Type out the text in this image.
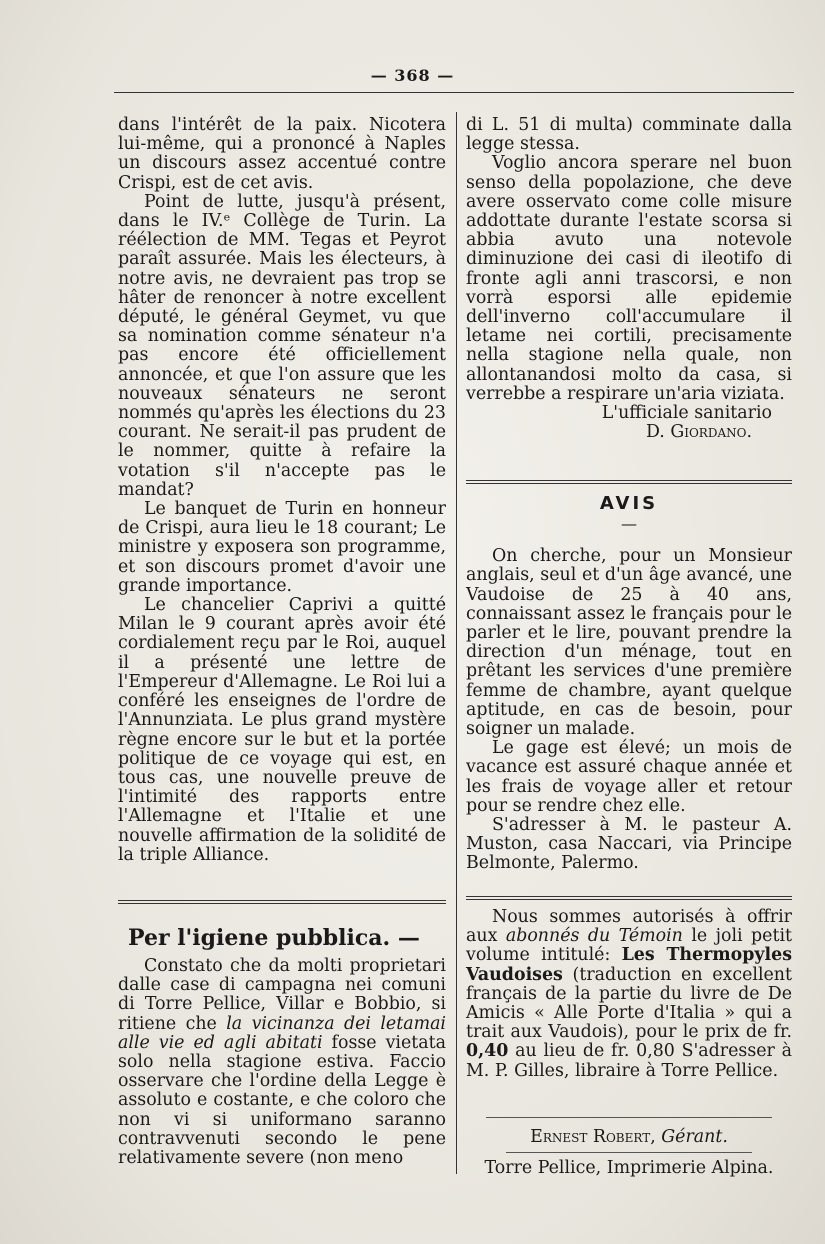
— 368 —

dans l'intérêt de la paix. Nicotera lui-même, qui a prononcé à Naples un discours assez accentué contre Crispi, est de cet avis.

Point de lutte, jusqu'à présent, dans le IV.ᵉ Collège de Turin. La réélection de MM. Tegas et Peyrot paraît assurée. Mais les électeurs, à notre avis, ne devraient pas trop se hâter de renoncer à notre excellent député, le général Geymet, vu que sa nomination comme sénateur n'a pas encore été officiellement annoncée, et que l'on assure que les nouveaux sénateurs ne seront nommés qu'après les élections du 23 courant. Ne serait-il pas prudent de le nommer, quitte à refaire la votation s'il n'accepte pas le mandat?

Le banquet de Turin en honneur de Crispi, aura lieu le 18 courant; Le ministre y exposera son programme, et son discours promet d'avoir une grande importance.

Le chancelier Caprivi a quitté Milan le 9 courant après avoir été cordialement reçu par le Roi, auquel il a présenté une lettre de l'Empereur d'Allemagne. Le Roi lui a conféré les enseignes de l'ordre de l'Annunziata. Le plus grand mystère règne encore sur le but et la portée politique de ce voyage qui est, en tous cas, une nouvelle preuve de l'intimité des rapports entre l'Allemagne et l'Italie et une nouvelle affirmation de la solidité de la triple Alliance.

Per l'igiene pubblica. —

Constato che da molti proprietari dalle case di campagna nei comuni di Torre Pellice, Villar e Bobbio, si ritiene che la vicinanza dei letamai alle vie ed agli abitati fosse vietata solo nella stagione estiva. Faccio osservare che l'ordine della Legge è assoluto e costante, e che coloro che non vi si uniformano saranno contravvenuti secondo le pene relativamente severe (non meno

di L. 51 di multa) comminate dalla legge stessa.

Voglio ancora sperare nel buon senso della popolazione, che deve avere osservato come colle misure addottate durante l'estate scorsa si abbia avuto una notevole diminuzione dei casi di ileotifo di fronte agli anni trascorsi, e non vorrà esporsi alle epidemie dell'inverno coll'accumulare il letame nei cortili, precisamente nella stagione nella quale, non allontanandosi molto da casa, si verrebbe a respirare un'aria viziata.

L'ufficiale sanitario

D. Giordano.

AVIS
—

On cherche, pour un Monsieur anglais, seul et d'un âge avancé, une Vaudoise de 25 à 40 ans, connaissant assez le français pour le parler et le lire, pouvant prendre la direction d'un ménage, tout en prêtant les services d'une première femme de chambre, ayant quelque aptitude, en cas de besoin, pour soigner un malade.

Le gage est élevé; un mois de vacance est assuré chaque année et les frais de voyage aller et retour pour se rendre chez elle.

S'adresser à M. le pasteur A. Muston, casa Naccari, via Principe Belmonte, Palermo.

Nous sommes autorisés à offrir aux abonnés du Témoin le joli petit volume intitulé: Les Thermopyles Vaudoises (traduction en excellent français de la partie du livre de De Amicis « Alle Porte d'Italia » qui a trait aux Vaudois), pour le prix de fr. 0,40 au lieu de fr. 0,80 S'adresser à M. P. Gilles, libraire à Torre Pellice.

Ernest Robert, Gérant.
Torre Pellice, Imprimerie Alpina.
